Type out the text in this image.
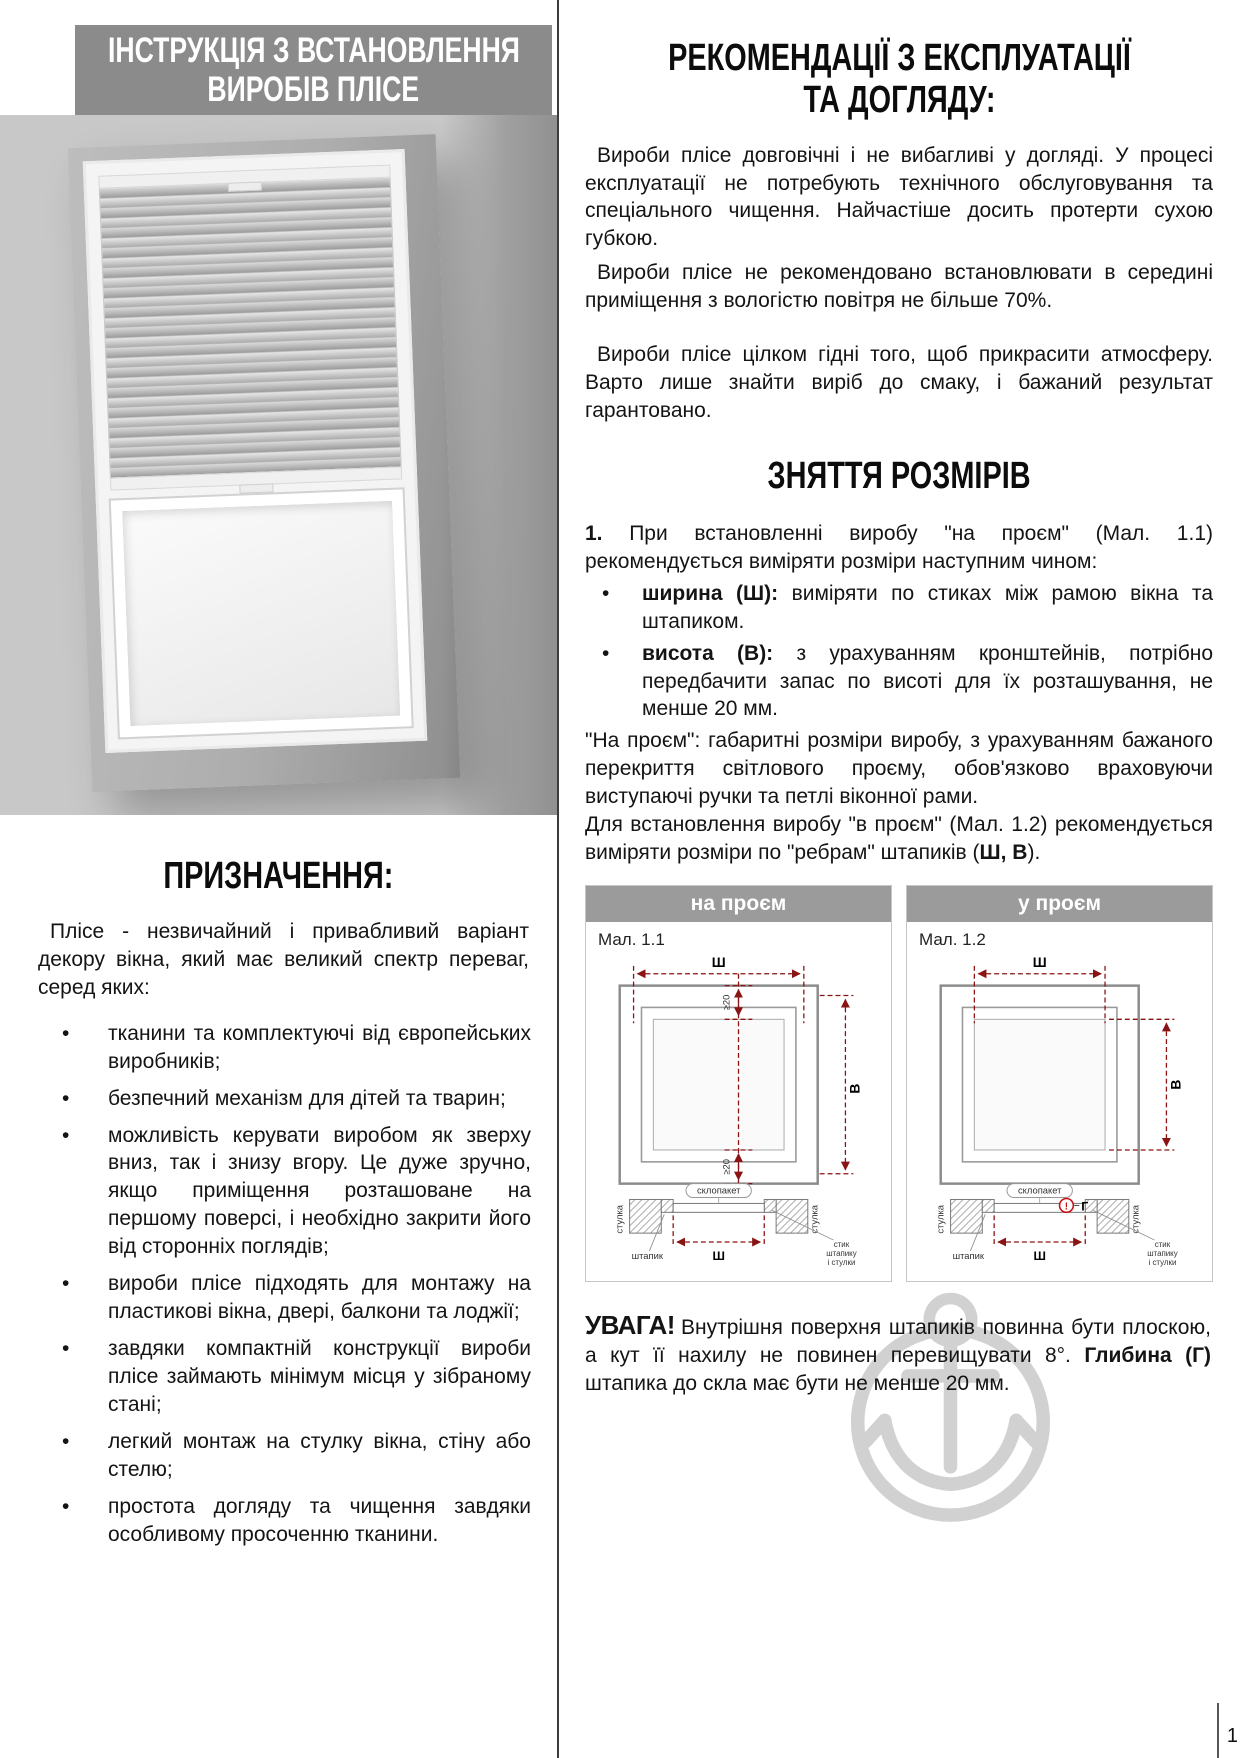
ІНСТРУКЦІЯ З ВСТАНОВЛЕННЯ
ВИРОБІВ ПЛІСЕ
ПРИЗНАЧЕННЯ:

Плісе - незвичайний і привабливий варіант декору вікна, який має великий спектр переваг, серед яких:

• тканини та комплектуючі від європейських виробників;
• безпечний механізм для дітей та тварин;
• можливість керувати виробом як зверху вниз, так і знизу вгору. Це дуже зручно, якщо приміщення розташоване на першому поверсі, і необхідно закрити його від сторонніх поглядів;
• вироби плісе підходять для монтажу на пластикові вікна, двері, балкони та лоджії;
• завдяки компактній конструкції вироби плісе займають мінімум місця у зібраному стані;
• легкий монтаж на стулку вікна, стіну або стелю;
• простота догляду та чищення завдяки особливому просоченню тканини.
РЕКОМЕНДАЦІЇ З ЕКСПЛУАТАЦІЇ
ТА ДОГЛЯДУ:

Вироби плісе довговічні і не вибагливі у догляді. У процесі експлуатації не потребують технічного обслуговування та спеціального чищення. Найчастіше досить протерти сухою губкою.

Вироби плісе не рекомендовано встановлювати в середині приміщення з вологістю повітря не більше 70%.

Вироби плісе цілком гідні того, щоб прикрасити атмосферу. Варто лише знайти виріб до смаку, і бажаний результат гарантовано.

ЗНЯТТЯ РОЗМІРІВ

1. При встановленні виробу "на проєм" (Мал. 1.1) рекомендується виміряти розміри наступним чином:

• ширина (Ш): виміряти по стиках між рамою вікна та штапиком.
• висота (В): з урахуванням кронштейнів, потрібно передбачити запас по висоті для їх розташування, не менше 20 мм.

"На проєм": габаритні розміри виробу, з урахуванням бажаного перекриття світлового проєму, обов'язково враховуючи виступаючі ручки та петлі віконної рами.

Для встановлення виробу "в проєм" (Мал. 1.2) рекомендується виміряти розміри по "ребрам" штапиків (Ш, В).

на проєм
Мал. 1.1
Ш
В
≥20
≥20
склопакет
стулка	стулка
Ш
штапик
стик
штапику
і стулки
у проєм
Мал. 1.2
Ш
В
склопакет
стулка	стулка
! Г
Ш
штапик
стик
штапику
і стулки

УВАГА! Внутрішня поверхня штапиків повинна бути плоскою, а кут її нахилу не повинен перевищувати 8°. Глибина (Г) штапика до скла має бути не менше 20 мм.

1
